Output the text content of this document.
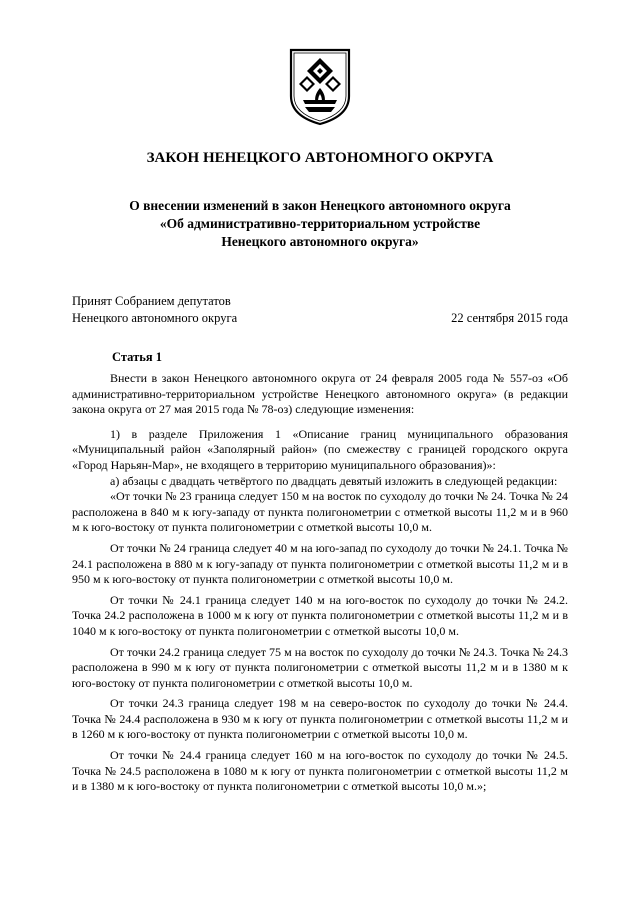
ЗАКОН НЕНЕЦКОГО АВТОНОМНОГО ОКРУГА
О внесении изменений в закон Ненецкого автономного округа
«Об административно-территориальном устройстве
Ненецкого автономного округа»
Принят Собранием депутатов
Ненецкого автономного округа	22 сентября 2015 года
Статья 1

Внести в закон Ненецкого автономного округа от 24 февраля 2005 года № 557-оз «Об административно-территориальном устройстве Ненецкого автономного округа» (в редакции закона округа от 27 мая 2015 года № 78-оз) следующие изменения:

1) в разделе Приложения 1 «Описание границ муниципального образования «Муниципальный район «Заполярный район» (по смежеству с границей городского округа «Город Нарьян-Мар», не входящего в территорию муниципального образования)»:

а) абзацы с двадцать четвёртого по двадцать девятый изложить в следующей редакции:

«От точки № 23 граница следует 150 м на восток по суходолу до точки № 24. Точка № 24 расположена в 840 м к югу-западу от пункта полигонометрии с отметкой высоты 11,2 м и в 960 м к юго-востоку от пункта полигонометрии с отметкой высоты 10,0 м.

От точки № 24 граница следует 40 м на юго-запад по суходолу до точки № 24.1. Точка № 24.1 расположена в 880 м к югу-западу от пункта полигонометрии с отметкой высоты 11,2 м и в 950 м к юго-востоку от пункта полигонометрии с отметкой высоты 10,0 м.

От точки № 24.1 граница следует 140 м на юго-восток по суходолу до точки № 24.2. Точка 24.2 расположена в 1000 м к югу от пункта полигонометрии с отметкой высоты 11,2 м и в 1040 м к юго-востоку от пункта полигонометрии с отметкой высоты 10,0 м.

От точки 24.2 граница следует 75 м на восток по суходолу до точки № 24.3. Точка № 24.3 расположена в 990 м к югу от пункта полигонометрии с отметкой высоты 11,2 м и в 1380 м к юго-востоку от пункта полигонометрии с отметкой высоты 10,0 м.

От точки 24.3 граница следует 198 м на северо-восток по суходолу до точки № 24.4. Точка № 24.4 расположена в 930 м к югу от пункта полигонометрии с отметкой высоты 11,2 м и в 1260 м к юго-востоку от пункта полигонометрии с отметкой высоты 10,0 м.

От точки № 24.4 граница следует 160 м на юго-восток по суходолу до точки № 24.5. Точка № 24.5 расположена в 1080 м к югу от пункта полигонометрии с отметкой высоты 11,2 м и в 1380 м к юго-востоку от пункта полигонометрии с отметкой высоты 10,0 м.»;
